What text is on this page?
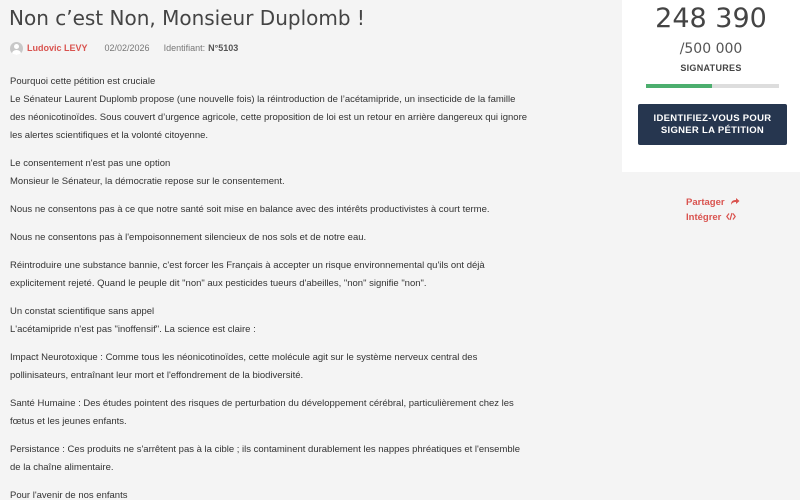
Non c’est Non, Monsieur Duplomb !
Ludovic LEVY 02/02/2026 Identifiant: N°5103

Pourquoi cette pétition est cruciale
Le Sénateur Laurent Duplomb propose (une nouvelle fois) la réintroduction de l’acétamipride, un insecticide de la famille des néonicotinoïdes. Sous couvert d’urgence agricole, cette proposition de loi est un retour en arrière dangereux qui ignore les alertes scientifiques et la volonté citoyenne.

Le consentement n'est pas une option
Monsieur le Sénateur, la démocratie repose sur le consentement.

Nous ne consentons pas à ce que notre santé soit mise en balance avec des intérêts productivistes à court terme.

Nous ne consentons pas à l'empoisonnement silencieux de nos sols et de notre eau.

Réintroduire une substance bannie, c'est forcer les Français à accepter un risque environnemental qu'ils ont déjà explicitement rejeté. Quand le peuple dit "non" aux pesticides tueurs d'abeilles, "non" signifie "non".

Un constat scientifique sans appel
L'acétamipride n'est pas "inoffensif". La science est claire :

Impact Neurotoxique : Comme tous les néonicotinoïdes, cette molécule agit sur le système nerveux central des pollinisateurs, entraînant leur mort et l'effondrement de la biodiversité.

Santé Humaine : Des études pointent des risques de perturbation du développement cérébral, particulièrement chez les fœtus et les jeunes enfants.

Persistance : Ces produits ne s'arrêtent pas à la cible ; ils contaminent durablement les nappes phréatiques et l'ensemble de la chaîne alimentaire.

Pour l'avenir de nos enfants

248 390
/500 000
SIGNATURES
IDENTIFIEZ-VOUS POUR SIGNER LA PÉTITION
Partager
Intégrer
